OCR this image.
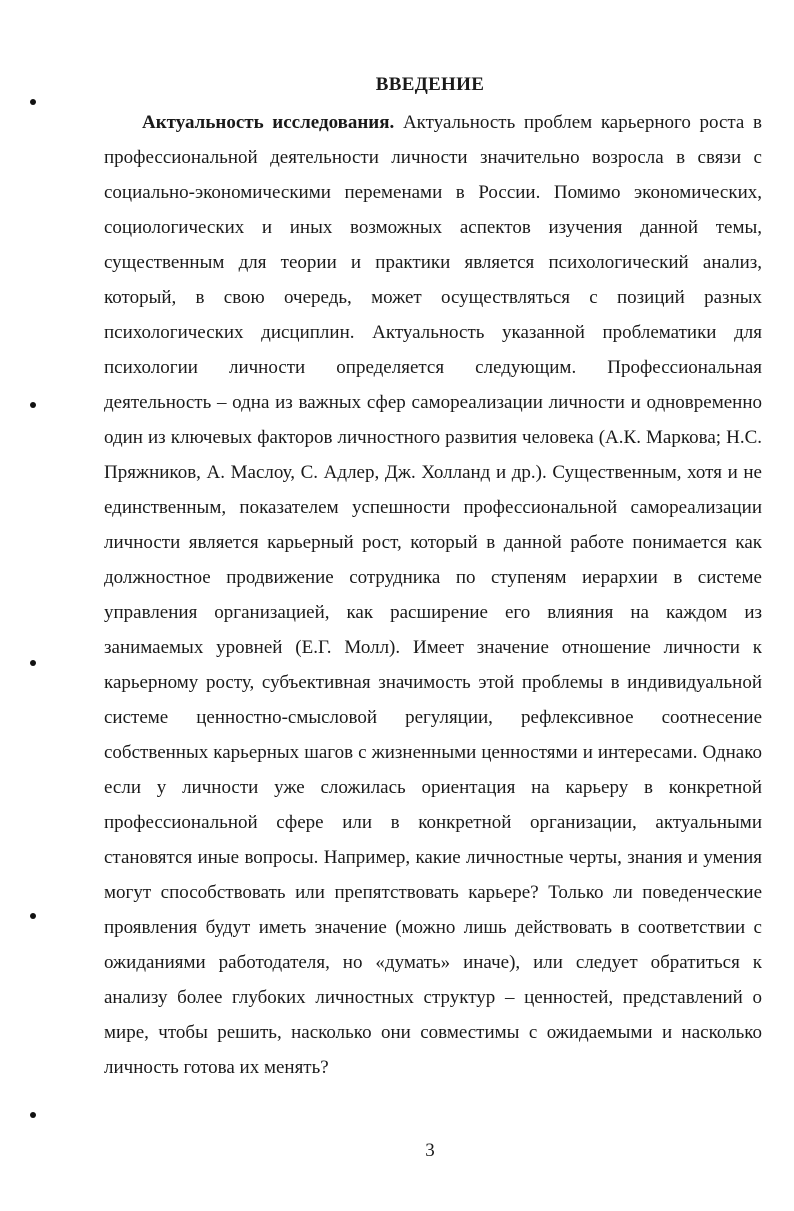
ВВЕДЕНИЕ

Актуальность исследования. Актуальность проблем карьерного роста в профессиональной деятельности личности значительно возросла в связи с социально-экономическими переменами в России. Помимо экономических, социологических и иных возможных аспектов изучения данной темы, существенным для теории и практики является психологический анализ, который, в свою очередь, может осуществляться с позиций разных психологических дисциплин. Актуальность указанной проблематики для психологии личности определяется следующим. Профессиональная деятельность – одна из важных сфер самореализации личности и одновременно один из ключевых факторов личностного развития человека (А.К. Маркова; Н.С. Пряжников, А. Маслоу, С. Адлер, Дж. Холланд и др.). Существенным, хотя и не единственным, показателем успешности профессиональной самореализации личности является карьерный рост, который в данной работе понимается как должностное продвижение сотрудника по ступеням иерархии в системе управления организацией, как расширение его влияния на каждом из занимаемых уровней (Е.Г. Молл). Имеет значение отношение личности к карьерному росту, субъективная значимость этой проблемы в индивидуальной системе ценностно-смысловой регуляции, рефлексивное соотнесение собственных карьерных шагов с жизненными ценностями и интересами. Однако если у личности уже сложилась ориентация на карьеру в конкретной профессиональной сфере или в конкретной организации, актуальными становятся иные вопросы. Например, какие личностные черты, знания и умения могут способствовать или препятствовать карьере? Только ли поведенческие проявления будут иметь значение (можно лишь действовать в соответствии с ожиданиями работодателя, но «думать» иначе), или следует обратиться к анализу более глубоких личностных структур – ценностей, представлений о мире, чтобы решить, насколько они совместимы с ожидаемыми и насколько личность готова их менять?

3
